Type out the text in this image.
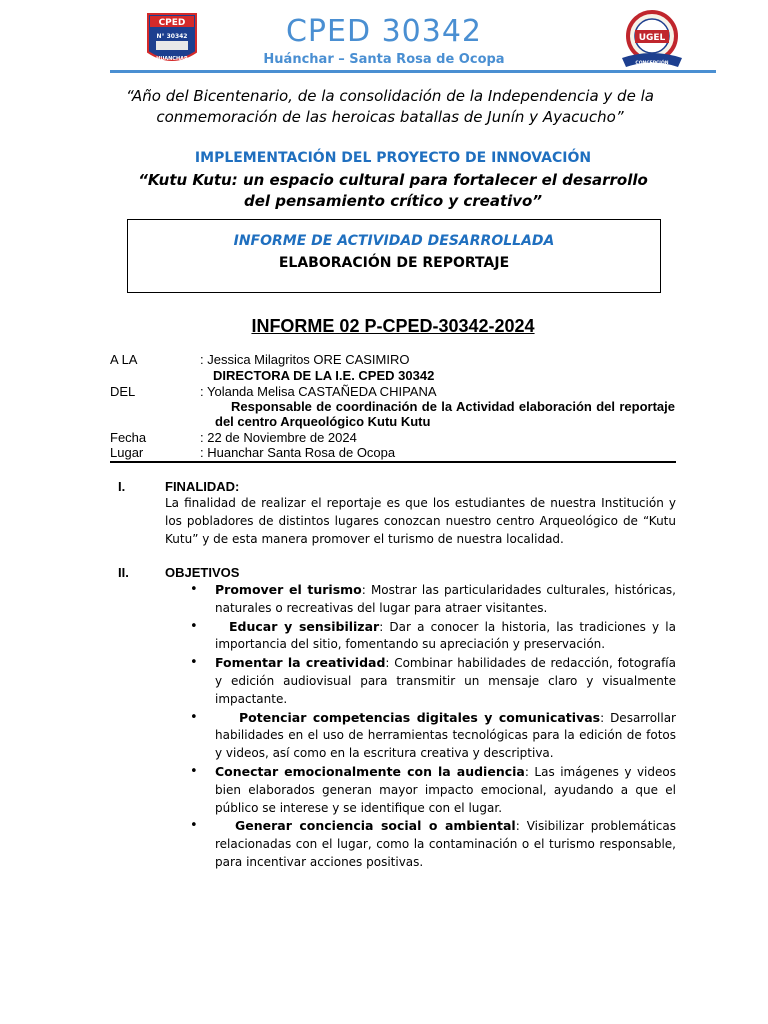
CPED
N° 30342
HUANCHAR
CPED 30342
Huánchar – Santa Rosa de Ocopa
UGEL
CONCEPCIÓN
“Año del Bicentenario, de la consolidación de la Independencia y de la conmemoración de las heroicas batallas de Junín y Ayacucho”
IMPLEMENTACIÓN DEL PROYECTO DE INNOVACIÓN
“Kutu Kutu: un espacio cultural para fortalecer el desarrollo del pensamiento crítico y creativo”
INFORME DE ACTIVIDAD DESARROLLADA
ELABORACIÓN DE REPORTAJE
INFORME 02 P-CPED-30342-2024
A LA	: Jessica Milagritos ORE CASIMIRO
DIRECTORA DE LA I.E. CPED 30342
DEL	: Yolanda Melisa CASTAÑEDA CHIPANA
Responsable de coordinación de la Actividad elaboración del reportaje del centro Arqueológico Kutu Kutu
Fecha	: 22 de Noviembre de 2024
Lugar	: Huanchar Santa Rosa de Ocopa
I.	FINALIDAD:
La finalidad de realizar el reportaje es que los estudiantes de nuestra Institución y los pobladores de distintos lugares conozcan nuestro centro Arqueológico de “Kutu Kutu” y de esta manera promover el turismo de nuestra localidad.
II.	OBJETIVOS
• Promover el turismo: Mostrar las particularidades culturales, históricas, naturales o recreativas del lugar para atraer visitantes.
•	Educar y sensibilizar: Dar a conocer la historia, las tradiciones y la importancia del sitio, fomentando su apreciación y preservación.
• Fomentar la creatividad: Combinar habilidades de redacción, fotografía y edición audiovisual para transmitir un mensaje claro y visualmente impactante.
•	Potenciar competencias digitales y comunicativas: Desarrollar habilidades en el uso de herramientas tecnológicas para la edición de fotos y videos, así como en la escritura creativa y descriptiva.
• Conectar emocionalmente con la audiencia: Las imágenes y videos bien elaborados generan mayor impacto emocional, ayudando a que el público se interese y se identifique con el lugar.
•	Generar conciencia social o ambiental: Visibilizar problemáticas relacionadas con el lugar, como la contaminación o el turismo responsable, para incentivar acciones positivas.
